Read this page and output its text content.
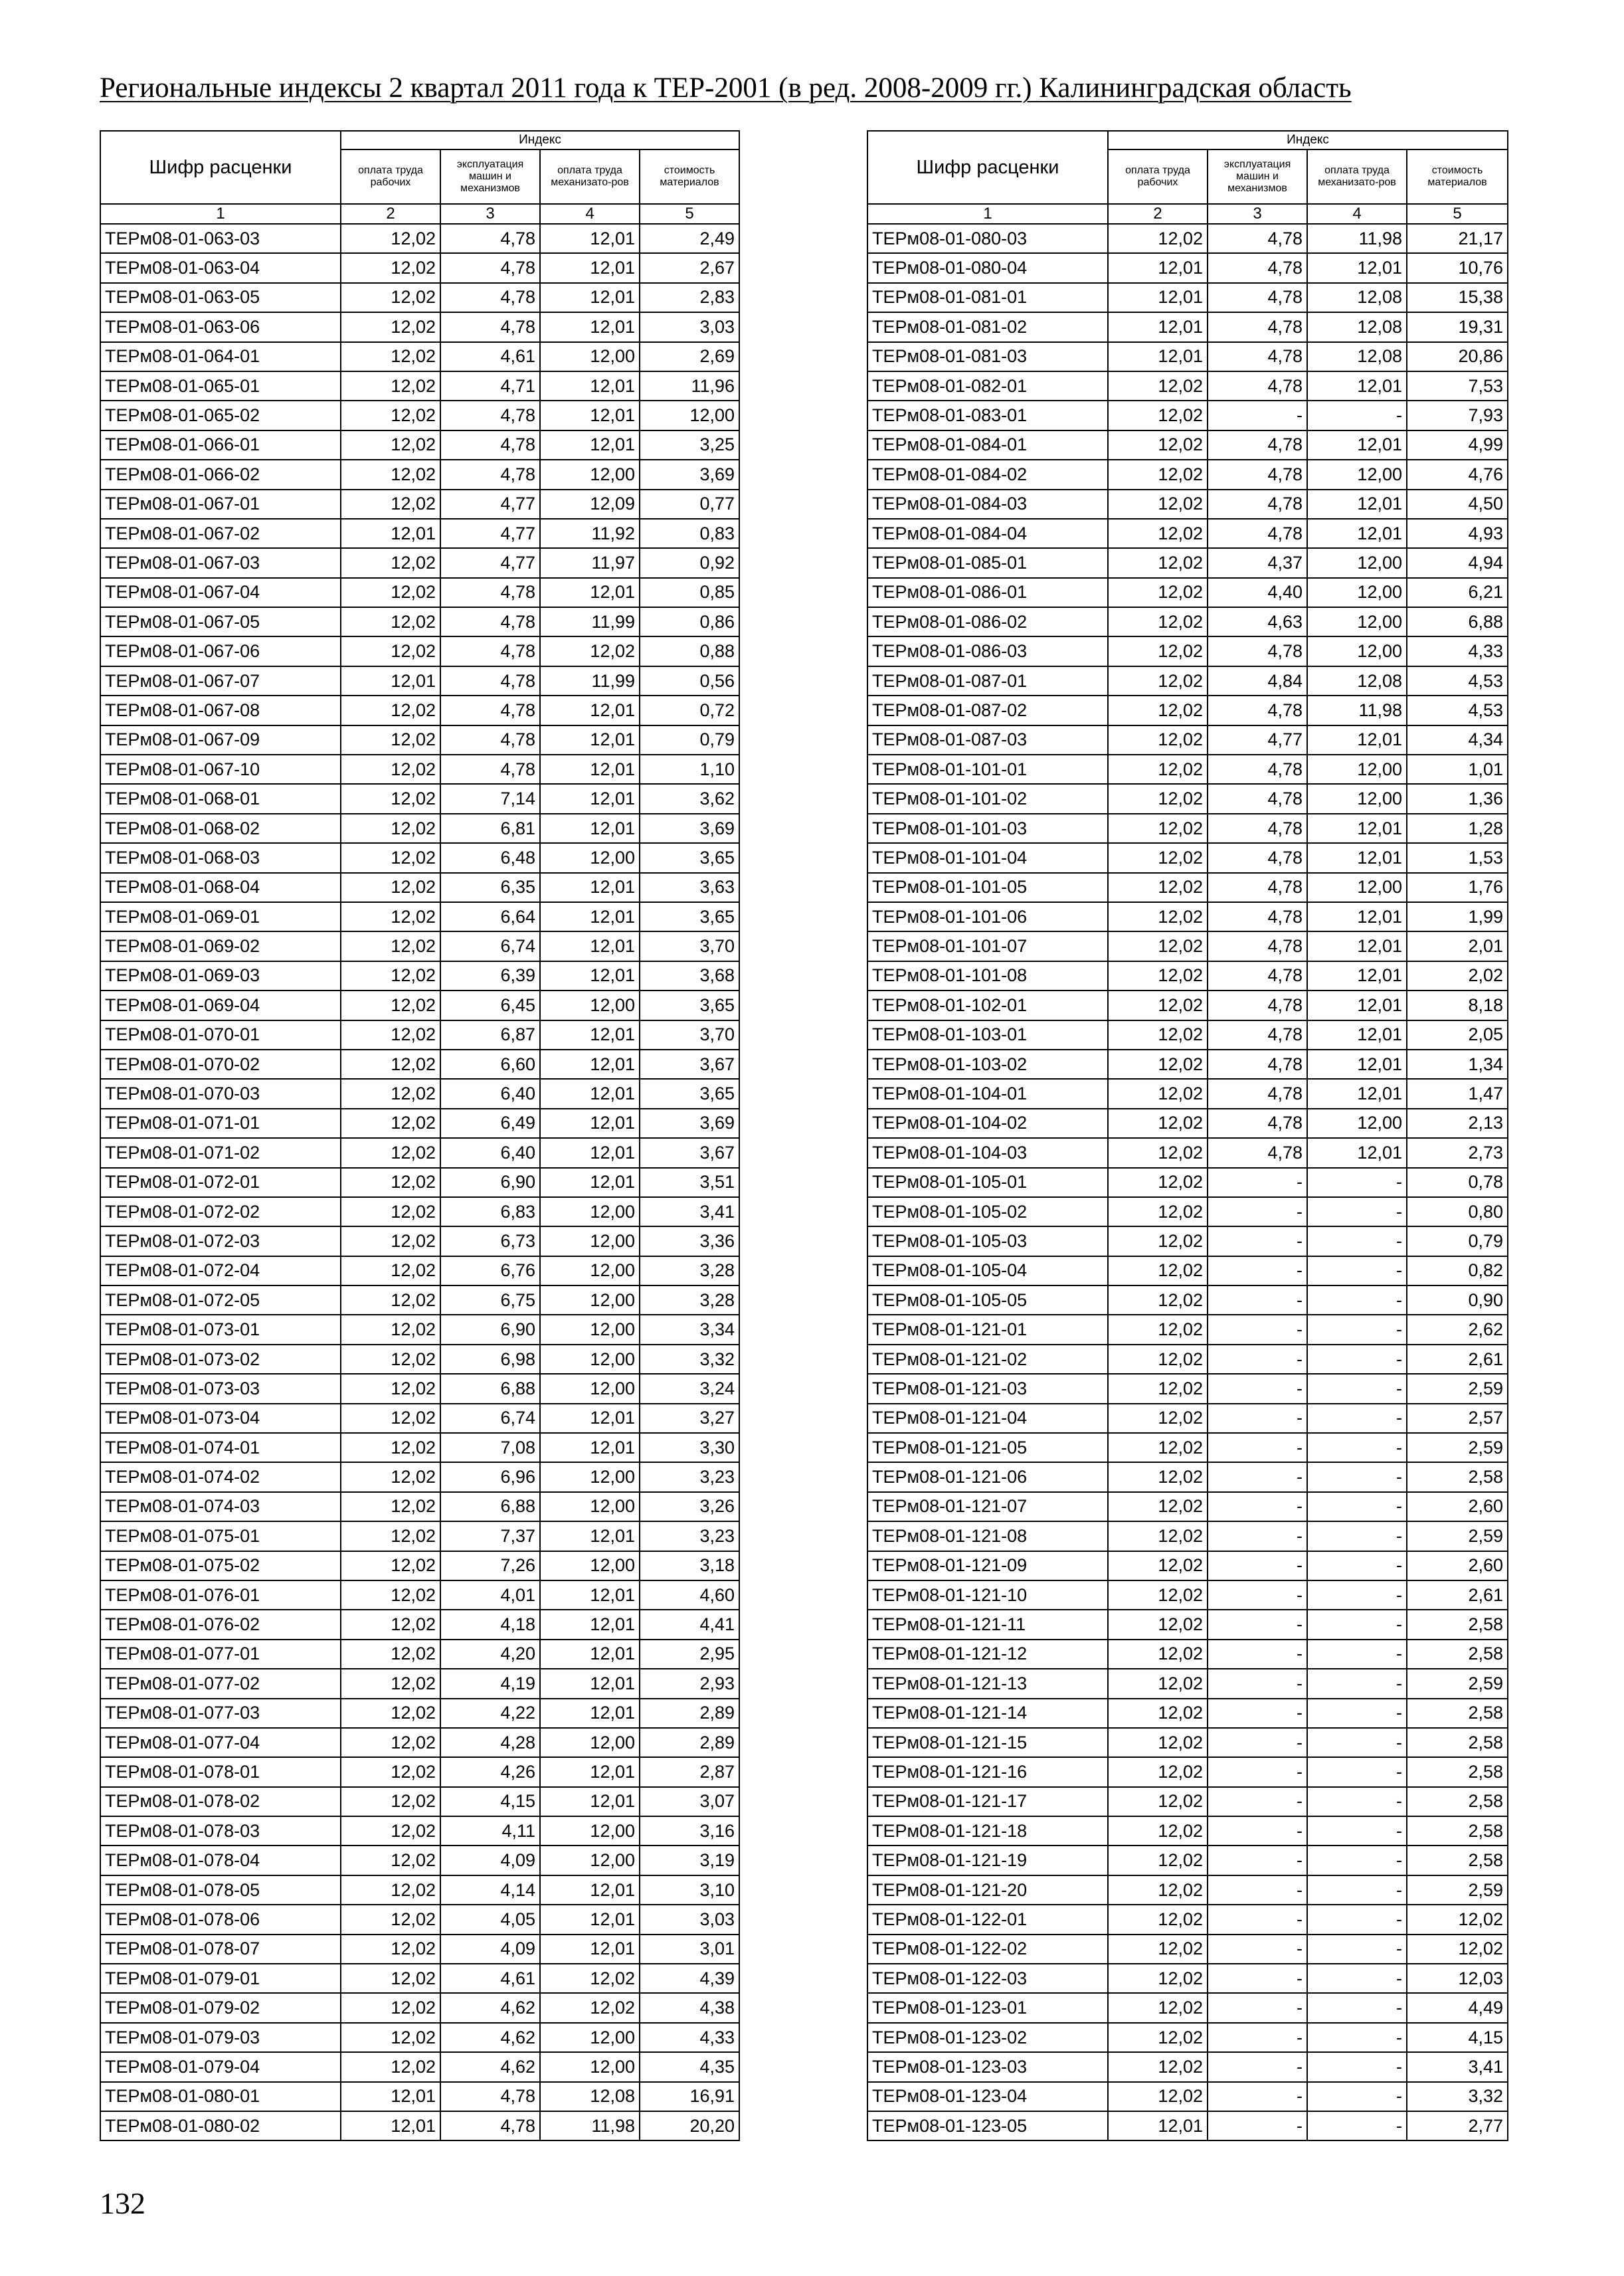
Региональные индексы 2 квартал 2011 года к ТЕР-2001 (в ред. 2008-2009 гг.) Калининградская область
Шифр расценки	Индекс			
	оплата труда рабочих	эксплуатация машин и механизмов	оплата труда механизато-ров	стоимость материалов
1	2	3	4	5
ТЕРм08-01-063-03	12,02	4,78	12,01	2,49
ТЕРм08-01-063-04	12,02	4,78	12,01	2,67
ТЕРм08-01-063-05	12,02	4,78	12,01	2,83
ТЕРм08-01-063-06	12,02	4,78	12,01	3,03
ТЕРм08-01-064-01	12,02	4,61	12,00	2,69
ТЕРм08-01-065-01	12,02	4,71	12,01	11,96
ТЕРм08-01-065-02	12,02	4,78	12,01	12,00
ТЕРм08-01-066-01	12,02	4,78	12,01	3,25
ТЕРм08-01-066-02	12,02	4,78	12,00	3,69
ТЕРм08-01-067-01	12,02	4,77	12,09	0,77
ТЕРм08-01-067-02	12,01	4,77	11,92	0,83
ТЕРм08-01-067-03	12,02	4,77	11,97	0,92
ТЕРм08-01-067-04	12,02	4,78	12,01	0,85
ТЕРм08-01-067-05	12,02	4,78	11,99	0,86
ТЕРм08-01-067-06	12,02	4,78	12,02	0,88
ТЕРм08-01-067-07	12,01	4,78	11,99	0,56
ТЕРм08-01-067-08	12,02	4,78	12,01	0,72
ТЕРм08-01-067-09	12,02	4,78	12,01	0,79
ТЕРм08-01-067-10	12,02	4,78	12,01	1,10
ТЕРм08-01-068-01	12,02	7,14	12,01	3,62
ТЕРм08-01-068-02	12,02	6,81	12,01	3,69
ТЕРм08-01-068-03	12,02	6,48	12,00	3,65
ТЕРм08-01-068-04	12,02	6,35	12,01	3,63
ТЕРм08-01-069-01	12,02	6,64	12,01	3,65
ТЕРм08-01-069-02	12,02	6,74	12,01	3,70
ТЕРм08-01-069-03	12,02	6,39	12,01	3,68
ТЕРм08-01-069-04	12,02	6,45	12,00	3,65
ТЕРм08-01-070-01	12,02	6,87	12,01	3,70
ТЕРм08-01-070-02	12,02	6,60	12,01	3,67
ТЕРм08-01-070-03	12,02	6,40	12,01	3,65
ТЕРм08-01-071-01	12,02	6,49	12,01	3,69
ТЕРм08-01-071-02	12,02	6,40	12,01	3,67
ТЕРм08-01-072-01	12,02	6,90	12,01	3,51
ТЕРм08-01-072-02	12,02	6,83	12,00	3,41
ТЕРм08-01-072-03	12,02	6,73	12,00	3,36
ТЕРм08-01-072-04	12,02	6,76	12,00	3,28
ТЕРм08-01-072-05	12,02	6,75	12,00	3,28
ТЕРм08-01-073-01	12,02	6,90	12,00	3,34
ТЕРм08-01-073-02	12,02	6,98	12,00	3,32
ТЕРм08-01-073-03	12,02	6,88	12,00	3,24
ТЕРм08-01-073-04	12,02	6,74	12,01	3,27
ТЕРм08-01-074-01	12,02	7,08	12,01	3,30
ТЕРм08-01-074-02	12,02	6,96	12,00	3,23
ТЕРм08-01-074-03	12,02	6,88	12,00	3,26
ТЕРм08-01-075-01	12,02	7,37	12,01	3,23
ТЕРм08-01-075-02	12,02	7,26	12,00	3,18
ТЕРм08-01-076-01	12,02	4,01	12,01	4,60
ТЕРм08-01-076-02	12,02	4,18	12,01	4,41
ТЕРм08-01-077-01	12,02	4,20	12,01	2,95
ТЕРм08-01-077-02	12,02	4,19	12,01	2,93
ТЕРм08-01-077-03	12,02	4,22	12,01	2,89
ТЕРм08-01-077-04	12,02	4,28	12,00	2,89
ТЕРм08-01-078-01	12,02	4,26	12,01	2,87
ТЕРм08-01-078-02	12,02	4,15	12,01	3,07
ТЕРм08-01-078-03	12,02	4,11	12,00	3,16
ТЕРм08-01-078-04	12,02	4,09	12,00	3,19
ТЕРм08-01-078-05	12,02	4,14	12,01	3,10
ТЕРм08-01-078-06	12,02	4,05	12,01	3,03
ТЕРм08-01-078-07	12,02	4,09	12,01	3,01
ТЕРм08-01-079-01	12,02	4,61	12,02	4,39
ТЕРм08-01-079-02	12,02	4,62	12,02	4,38
ТЕРм08-01-079-03	12,02	4,62	12,00	4,33
ТЕРм08-01-079-04	12,02	4,62	12,00	4,35
ТЕРм08-01-080-01	12,01	4,78	12,08	16,91
ТЕРм08-01-080-02	12,01	4,78	11,98	20,20
Шифр расценки	Индекс			
	оплата труда рабочих	эксплуатация машин и механизмов	оплата труда механизато-ров	стоимость материалов
1	2	3	4	5
ТЕРм08-01-080-03	12,02	4,78	11,98	21,17
ТЕРм08-01-080-04	12,01	4,78	12,01	10,76
ТЕРм08-01-081-01	12,01	4,78	12,08	15,38
ТЕРм08-01-081-02	12,01	4,78	12,08	19,31
ТЕРм08-01-081-03	12,01	4,78	12,08	20,86
ТЕРм08-01-082-01	12,02	4,78	12,01	7,53
ТЕРм08-01-083-01	12,02	-	-	7,93
ТЕРм08-01-084-01	12,02	4,78	12,01	4,99
ТЕРм08-01-084-02	12,02	4,78	12,00	4,76
ТЕРм08-01-084-03	12,02	4,78	12,01	4,50
ТЕРм08-01-084-04	12,02	4,78	12,01	4,93
ТЕРм08-01-085-01	12,02	4,37	12,00	4,94
ТЕРм08-01-086-01	12,02	4,40	12,00	6,21
ТЕРм08-01-086-02	12,02	4,63	12,00	6,88
ТЕРм08-01-086-03	12,02	4,78	12,00	4,33
ТЕРм08-01-087-01	12,02	4,84	12,08	4,53
ТЕРм08-01-087-02	12,02	4,78	11,98	4,53
ТЕРм08-01-087-03	12,02	4,77	12,01	4,34
ТЕРм08-01-101-01	12,02	4,78	12,00	1,01
ТЕРм08-01-101-02	12,02	4,78	12,00	1,36
ТЕРм08-01-101-03	12,02	4,78	12,01	1,28
ТЕРм08-01-101-04	12,02	4,78	12,01	1,53
ТЕРм08-01-101-05	12,02	4,78	12,00	1,76
ТЕРм08-01-101-06	12,02	4,78	12,01	1,99
ТЕРм08-01-101-07	12,02	4,78	12,01	2,01
ТЕРм08-01-101-08	12,02	4,78	12,01	2,02
ТЕРм08-01-102-01	12,02	4,78	12,01	8,18
ТЕРм08-01-103-01	12,02	4,78	12,01	2,05
ТЕРм08-01-103-02	12,02	4,78	12,01	1,34
ТЕРм08-01-104-01	12,02	4,78	12,01	1,47
ТЕРм08-01-104-02	12,02	4,78	12,00	2,13
ТЕРм08-01-104-03	12,02	4,78	12,01	2,73
ТЕРм08-01-105-01	12,02	-	-	0,78
ТЕРм08-01-105-02	12,02	-	-	0,80
ТЕРм08-01-105-03	12,02	-	-	0,79
ТЕРм08-01-105-04	12,02	-	-	0,82
ТЕРм08-01-105-05	12,02	-	-	0,90
ТЕРм08-01-121-01	12,02	-	-	2,62
ТЕРм08-01-121-02	12,02	-	-	2,61
ТЕРм08-01-121-03	12,02	-	-	2,59
ТЕРм08-01-121-04	12,02	-	-	2,57
ТЕРм08-01-121-05	12,02	-	-	2,59
ТЕРм08-01-121-06	12,02	-	-	2,58
ТЕРм08-01-121-07	12,02	-	-	2,60
ТЕРм08-01-121-08	12,02	-	-	2,59
ТЕРм08-01-121-09	12,02	-	-	2,60
ТЕРм08-01-121-10	12,02	-	-	2,61
ТЕРм08-01-121-11	12,02	-	-	2,58
ТЕРм08-01-121-12	12,02	-	-	2,58
ТЕРм08-01-121-13	12,02	-	-	2,59
ТЕРм08-01-121-14	12,02	-	-	2,58
ТЕРм08-01-121-15	12,02	-	-	2,58
ТЕРм08-01-121-16	12,02	-	-	2,58
ТЕРм08-01-121-17	12,02	-	-	2,58
ТЕРм08-01-121-18	12,02	-	-	2,58
ТЕРм08-01-121-19	12,02	-	-	2,58
ТЕРм08-01-121-20	12,02	-	-	2,59
ТЕРм08-01-122-01	12,02	-	-	12,02
ТЕРм08-01-122-02	12,02	-	-	12,02
ТЕРм08-01-122-03	12,02	-	-	12,03
ТЕРм08-01-123-01	12,02	-	-	4,49
ТЕРм08-01-123-02	12,02	-	-	4,15
ТЕРм08-01-123-03	12,02	-	-	3,41
ТЕРм08-01-123-04	12,02	-	-	3,32
ТЕРм08-01-123-05	12,01	-	-	2,77
132
